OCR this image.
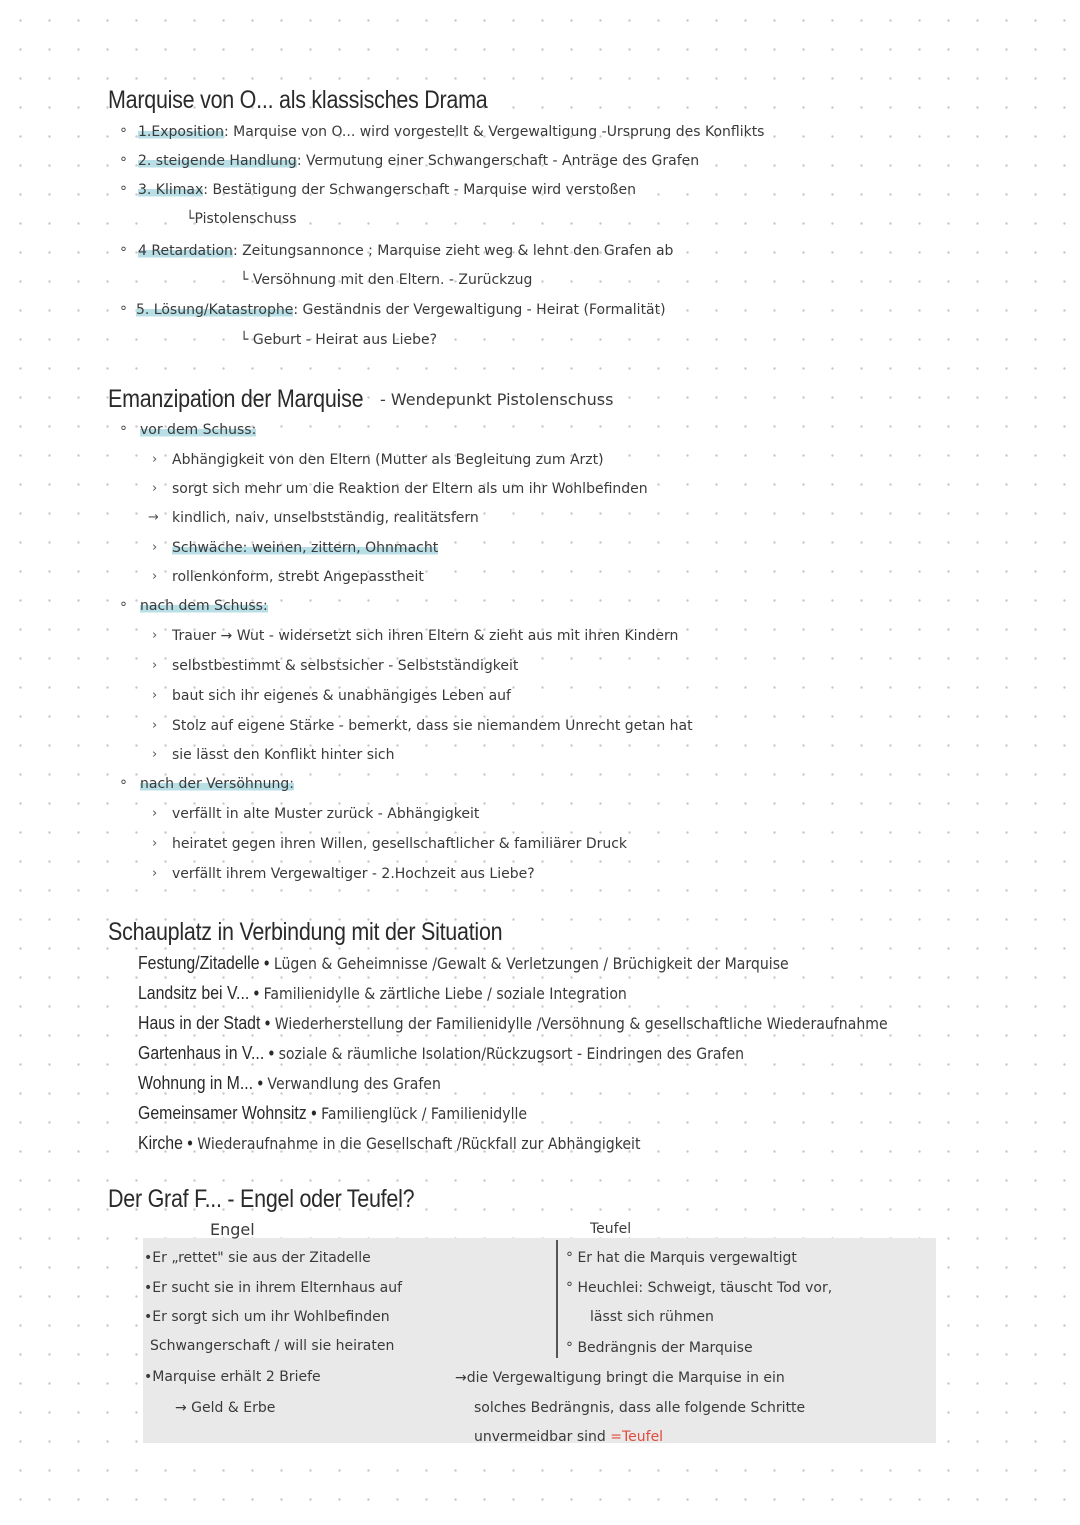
Marquise von O... als klassisches Drama
° 1.Exposition: Marquise von O... wird vorgestellt & Vergewaltigung -Ursprung des Konflikts
° 2. steigende Handlung: Vermutung einer Schwangerschaft - Anträge des Grafen
° 3. Klimax: Bestätigung der Schwangerschaft - Marquise wird verstoßen
└Pistolenschuss
° 4 Retardation: Zeitungsannonce ; Marquise zieht weg & lehnt den Grafen ab
└ Versöhnung mit den Eltern. - Zurückzug
° 5. Lösung/Katastrophe: Geständnis der Vergewaltigung - Heirat (Formalität)
└ Geburt - Heirat aus Liebe?
Emanzipation der Marquise - Wendepunkt Pistolenschuss
° vor dem Schuss:
› Abhängigkeit von den Eltern (Mutter als Begleitung zum Arzt)
› sorgt sich mehr um die Reaktion der Eltern als um ihr Wohlbefinden
→ kindlich, naiv, unselbstständig, realitätsfern
› Schwäche: weinen, zittern, Ohnmacht
› rollenkonform, strebt Angepasstheit
° nach dem Schuss:
› Trauer → Wut - widersetzt sich ihren Eltern & zieht aus mit ihren Kindern
› selbstbestimmt & selbstsicher - Selbstständigkeit
› baut sich ihr eigenes & unabhängiges Leben auf
› Stolz auf eigene Stärke - bemerkt, dass sie niemandem Unrecht getan hat
› sie lässt den Konflikt hinter sich
° nach der Versöhnung:
› verfällt in alte Muster zurück - Abhängigkeit
› heiratet gegen ihren Willen, gesellschaftlicher & familiärer Druck
› verfällt ihrem Vergewaltiger - 2.Hochzeit aus Liebe?
Schauplatz in Verbindung mit der Situation
Festung/Zitadelle • Lügen & Geheimnisse /Gewalt & Verletzungen / Brüchigkeit der Marquise
Landsitz bei V... • Familienidylle & zärtliche Liebe / soziale Integration
Haus in der Stadt • Wiederherstellung der Familienidylle /Versöhnung & gesellschaftliche Wiederaufnahme
Gartenhaus in V... • soziale & räumliche Isolation/Rückzugsort - Eindringen des Grafen
Wohnung in M... • Verwandlung des Grafen
Gemeinsamer Wohnsitz • Familienglück / Familienidylle
Kirche • Wiederaufnahme in die Gesellschaft /Rückfall zur Abhängigkeit
Der Graf F... - Engel oder Teufel?
Engel	Teufel
•Er „rettet" sie aus der Zitadelle
•Er sucht sie in ihrem Elternhaus auf
•Er sorgt sich um ihr Wohlbefinden
Schwangerschaft / will sie heiraten
•Marquise erhält 2 Briefe
→ Geld & Erbe
° Er hat die Marquis vergewaltigt
° Heuchlei: Schweigt, täuscht Tod vor,
lässt sich rühmen
° Bedrängnis der Marquise
→die Vergewaltigung bringt die Marquise in ein
solches Bedrängnis, dass alle folgende Schritte
unvermeidbar sind =Teufel
